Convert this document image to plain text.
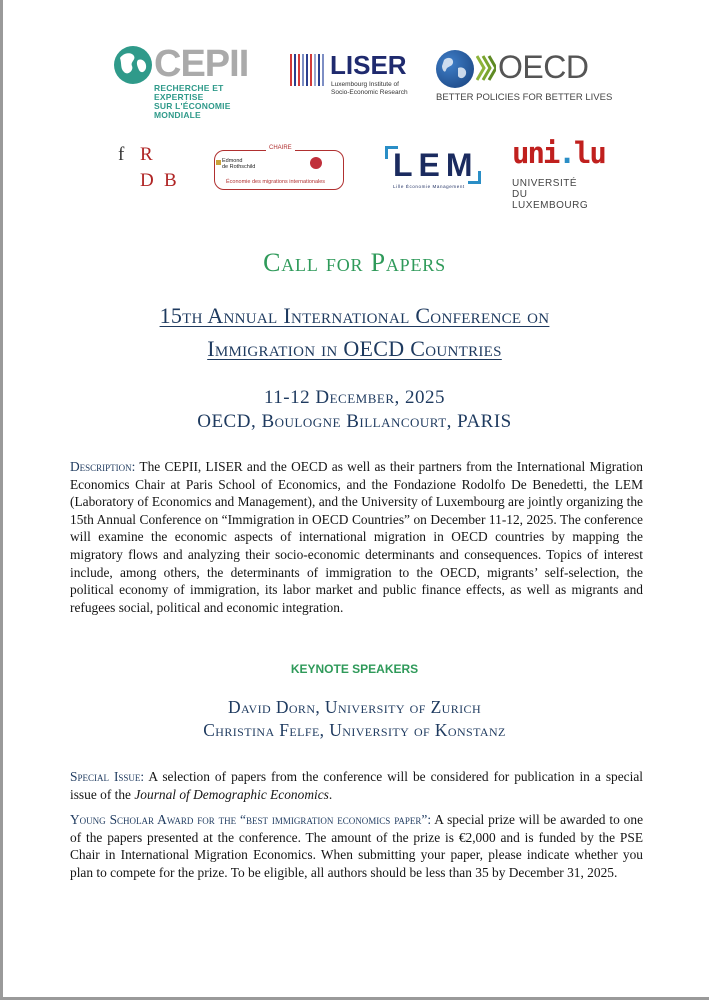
CEPII
RECHERCHE ET EXPERTISE
SUR L'ÉCONOMIE MONDIALE
LISER
Luxembourg Institute of
Socio-Economic Research
OECD
BETTER POLICIES FOR BETTER LIVES
f R
D B
CHAIRE
Edmond
de Rothschild
Économie des migrations internationales LEM
Lille Économie Management
uni.lu
UNIVERSITÉ DU
LUXEMBOURG
Call for Papers
15th Annual International Conference on
Immigration in OECD Countries
11-12 December, 2025
OECD, Boulogne Billancourt, PARIS
Description: The CEPII, LISER and the OECD as well as their partners from the International Migration Economics Chair at Paris School of Economics, and the Fondazione Rodolfo De Benedetti, the LEM (Laboratory of Economics and Management), and the University of Luxembourg are jointly organizing the 15th Annual Conference on “Immigration in OECD Countries” on December 11-12, 2025. The conference will examine the economic aspects of international migration in OECD countries by mapping the migratory flows and analyzing their socio-economic determinants and consequences. Topics of interest include, among others, the determinants of immigration to the OECD, migrants’ self-selection, the political economy of immigration, its labor market and public finance effects, as well as migrants and refugees social, political and economic integration.
KEYNOTE SPEAKERS
David Dorn, University of Zurich
Christina Felfe, University of Konstanz
Special Issue: A selection of papers from the conference will be considered for publication in a special issue of the Journal of Demographic Economics.
Young Scholar Award for the “best immigration economics paper”: A special prize will be awarded to one of the papers presented at the conference. The amount of the prize is €2,000 and is funded by the PSE Chair in International Migration Economics. When submitting your paper, please indicate whether you plan to compete for the prize. To be eligible, all authors should be less than 35 by December 31, 2025.
